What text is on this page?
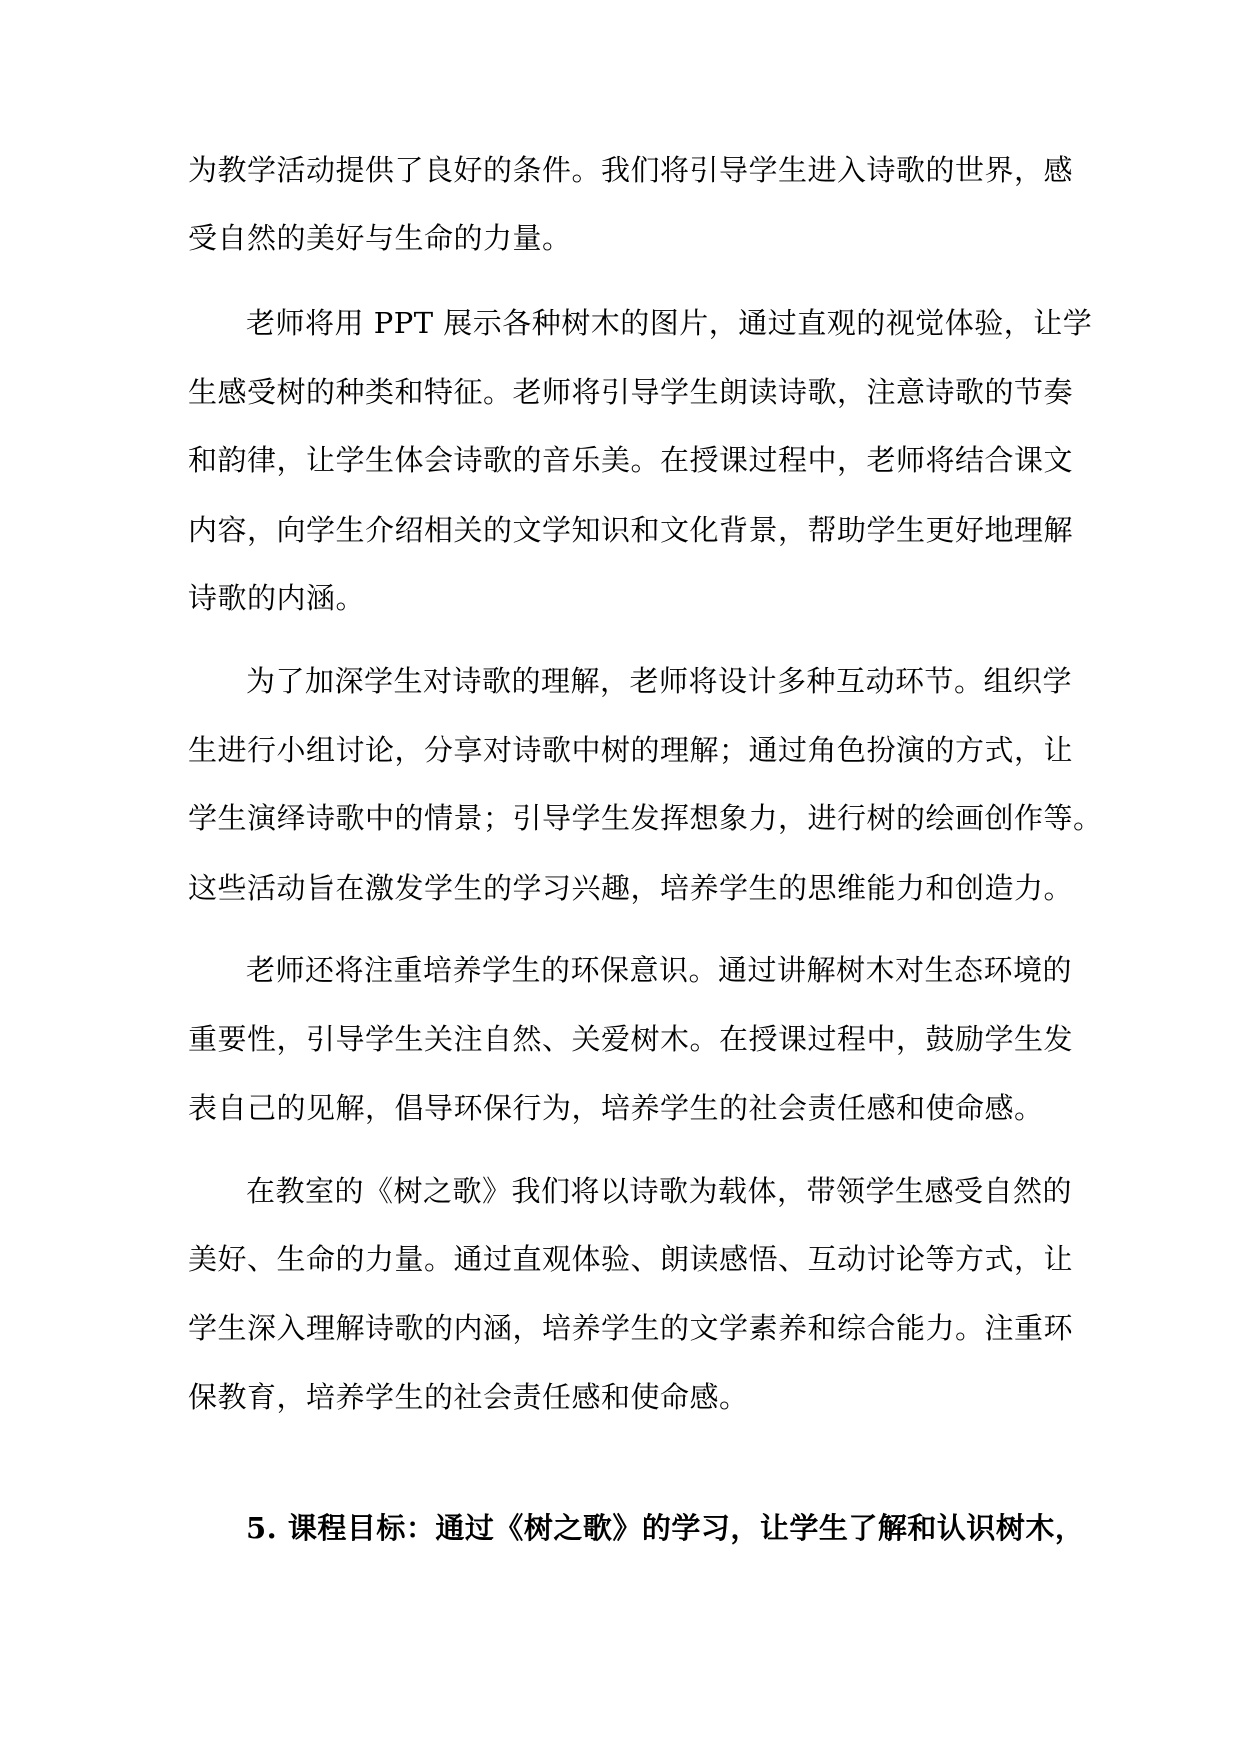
为教学活动提供了良好的条件。我们将引导学生进入诗歌的世界，感
受自然的美好与生命的力量。
老师将用 PPT 展示各种树木的图片，通过直观的视觉体验，让学
生感受树的种类和特征。老师将引导学生朗读诗歌，注意诗歌的节奏
和韵律，让学生体会诗歌的音乐美。在授课过程中，老师将结合课文
内容，向学生介绍相关的文学知识和文化背景，帮助学生更好地理解
诗歌的内涵。
为了加深学生对诗歌的理解，老师将设计多种互动环节。组织学
生进行小组讨论，分享对诗歌中树的理解；通过角色扮演的方式，让
学生演绎诗歌中的情景；引导学生发挥想象力，进行树的绘画创作等。
这些活动旨在激发学生的学习兴趣，培养学生的思维能力和创造力。
老师还将注重培养学生的环保意识。通过讲解树木对生态环境的
重要性，引导学生关注自然、关爱树木。在授课过程中，鼓励学生发
表自己的见解，倡导环保行为，培养学生的社会责任感和使命感。
在教室的《树之歌》我们将以诗歌为载体，带领学生感受自然的
美好、生命的力量。通过直观体验、朗读感悟、互动讨论等方式，让
学生深入理解诗歌的内涵，培养学生的文学素养和综合能力。注重环
保教育，培养学生的社会责任感和使命感。
5. 课程目标：通过《树之歌》的学习，让学生了解和认识树木，
